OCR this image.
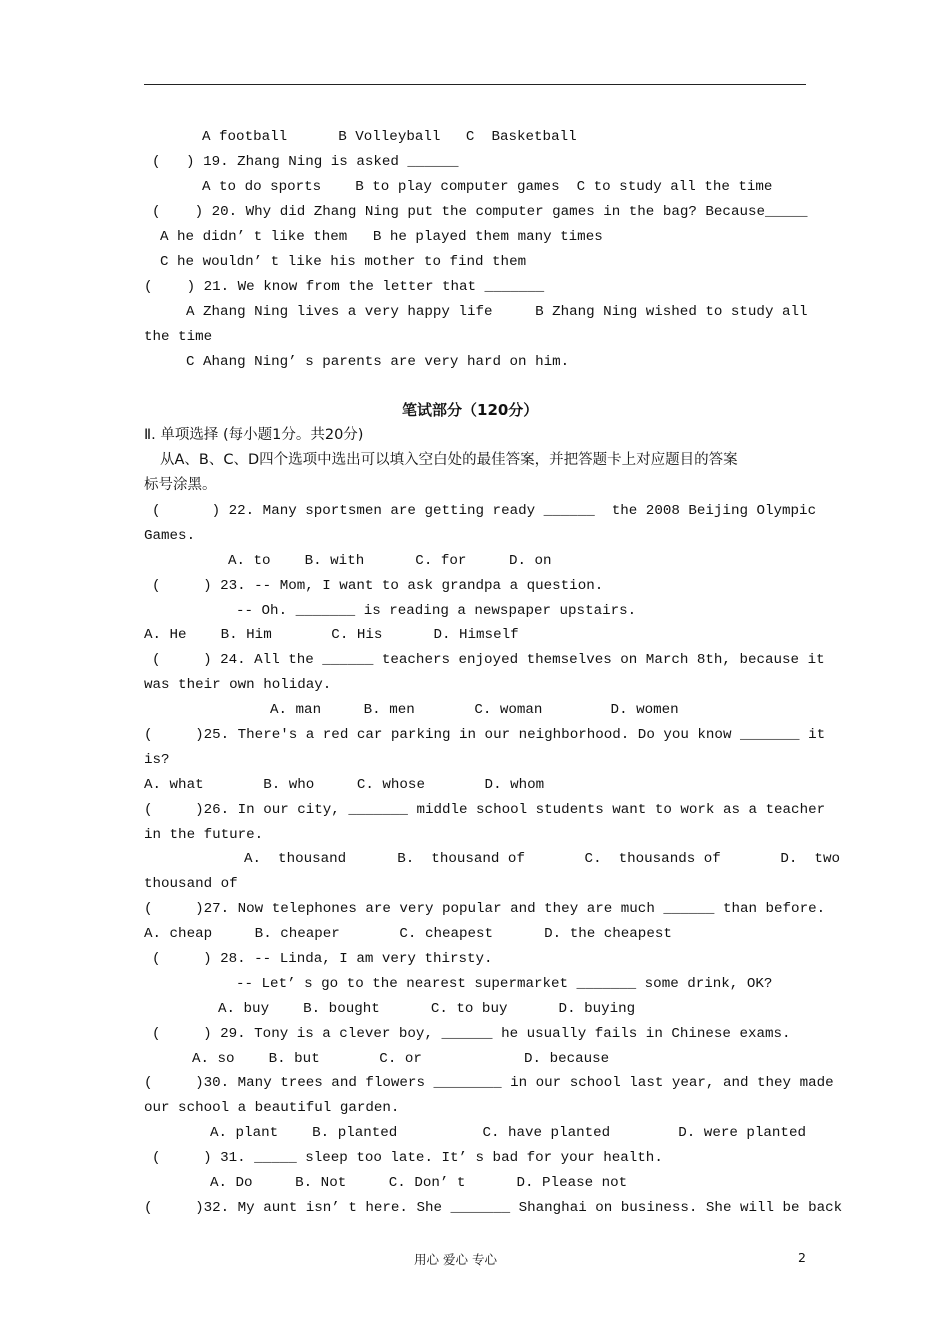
A football      B Volleyball   C  Basketball
(   ) 19. Zhang Ning is asked ______
A to do sports    B to play computer games  C to study all the time
(    ) 20. Why did Zhang Ning put the computer games in the bag? Because_____
A he didn’ t like them   B he played them many times
C he wouldn’ t like his mother to find them
(    ) 21. We know from the letter that _______
A Zhang Ning lives a very happy life     B Zhang Ning wished to study all
the time
C Ahang Ning’ s parents are very hard on him.
笔试部分（120分）
Ⅱ. 单项选择 (每小题1分。共20分)
从A、B、C、D四个选项中选出可以填入空白处的最佳答案，并把答题卡上对应题目的答案
标号涂黑。
(      ) 22. Many sportsmen are getting ready ______  the 2008 Beijing Olympic
Games.
A. to    B. with      C. for     D. on
(     ) 23. -- Mom, I want to ask grandpa a question.
-- Oh. _______ is reading a newspaper upstairs.
A. He    B. Him       C. His      D. Himself
(     ) 24. All the ______ teachers enjoyed themselves on March 8th, because it
was their own holiday.
A. man     B. men       C. woman        D. women
(     )25. There's a red car parking in our neighborhood. Do you know _______ it
is?
A. what       B. who     C. whose       D. whom
(     )26. In our city, _______ middle school students want to work as a teacher
in the future.
A.  thousand      B.  thousand of       C.  thousands of       D.  two
thousand of
(     )27. Now telephones are very popular and they are much ______ than before.
A. cheap     B. cheaper       C. cheapest      D. the cheapest
(     ) 28. -- Linda, I am very thirsty.
-- Let’ s go to the nearest supermarket _______ some drink, OK?
A. buy    B. bought      C. to buy      D. buying
(     ) 29. Tony is a clever boy, ______ he usually fails in Chinese exams.
A. so    B. but       C. or            D. because
(     )30. Many trees and flowers ________ in our school last year, and they made
our school a beautiful garden.
A. plant    B. planted          C. have planted        D. were planted
(     ) 31. _____ sleep too late. It’ s bad for your health.
A. Do     B. Not     C. Don’ t      D. Please not
(     )32. My aunt isn’ t here. She _______ Shanghai on business. She will be back
用心 爱心 专心	2
